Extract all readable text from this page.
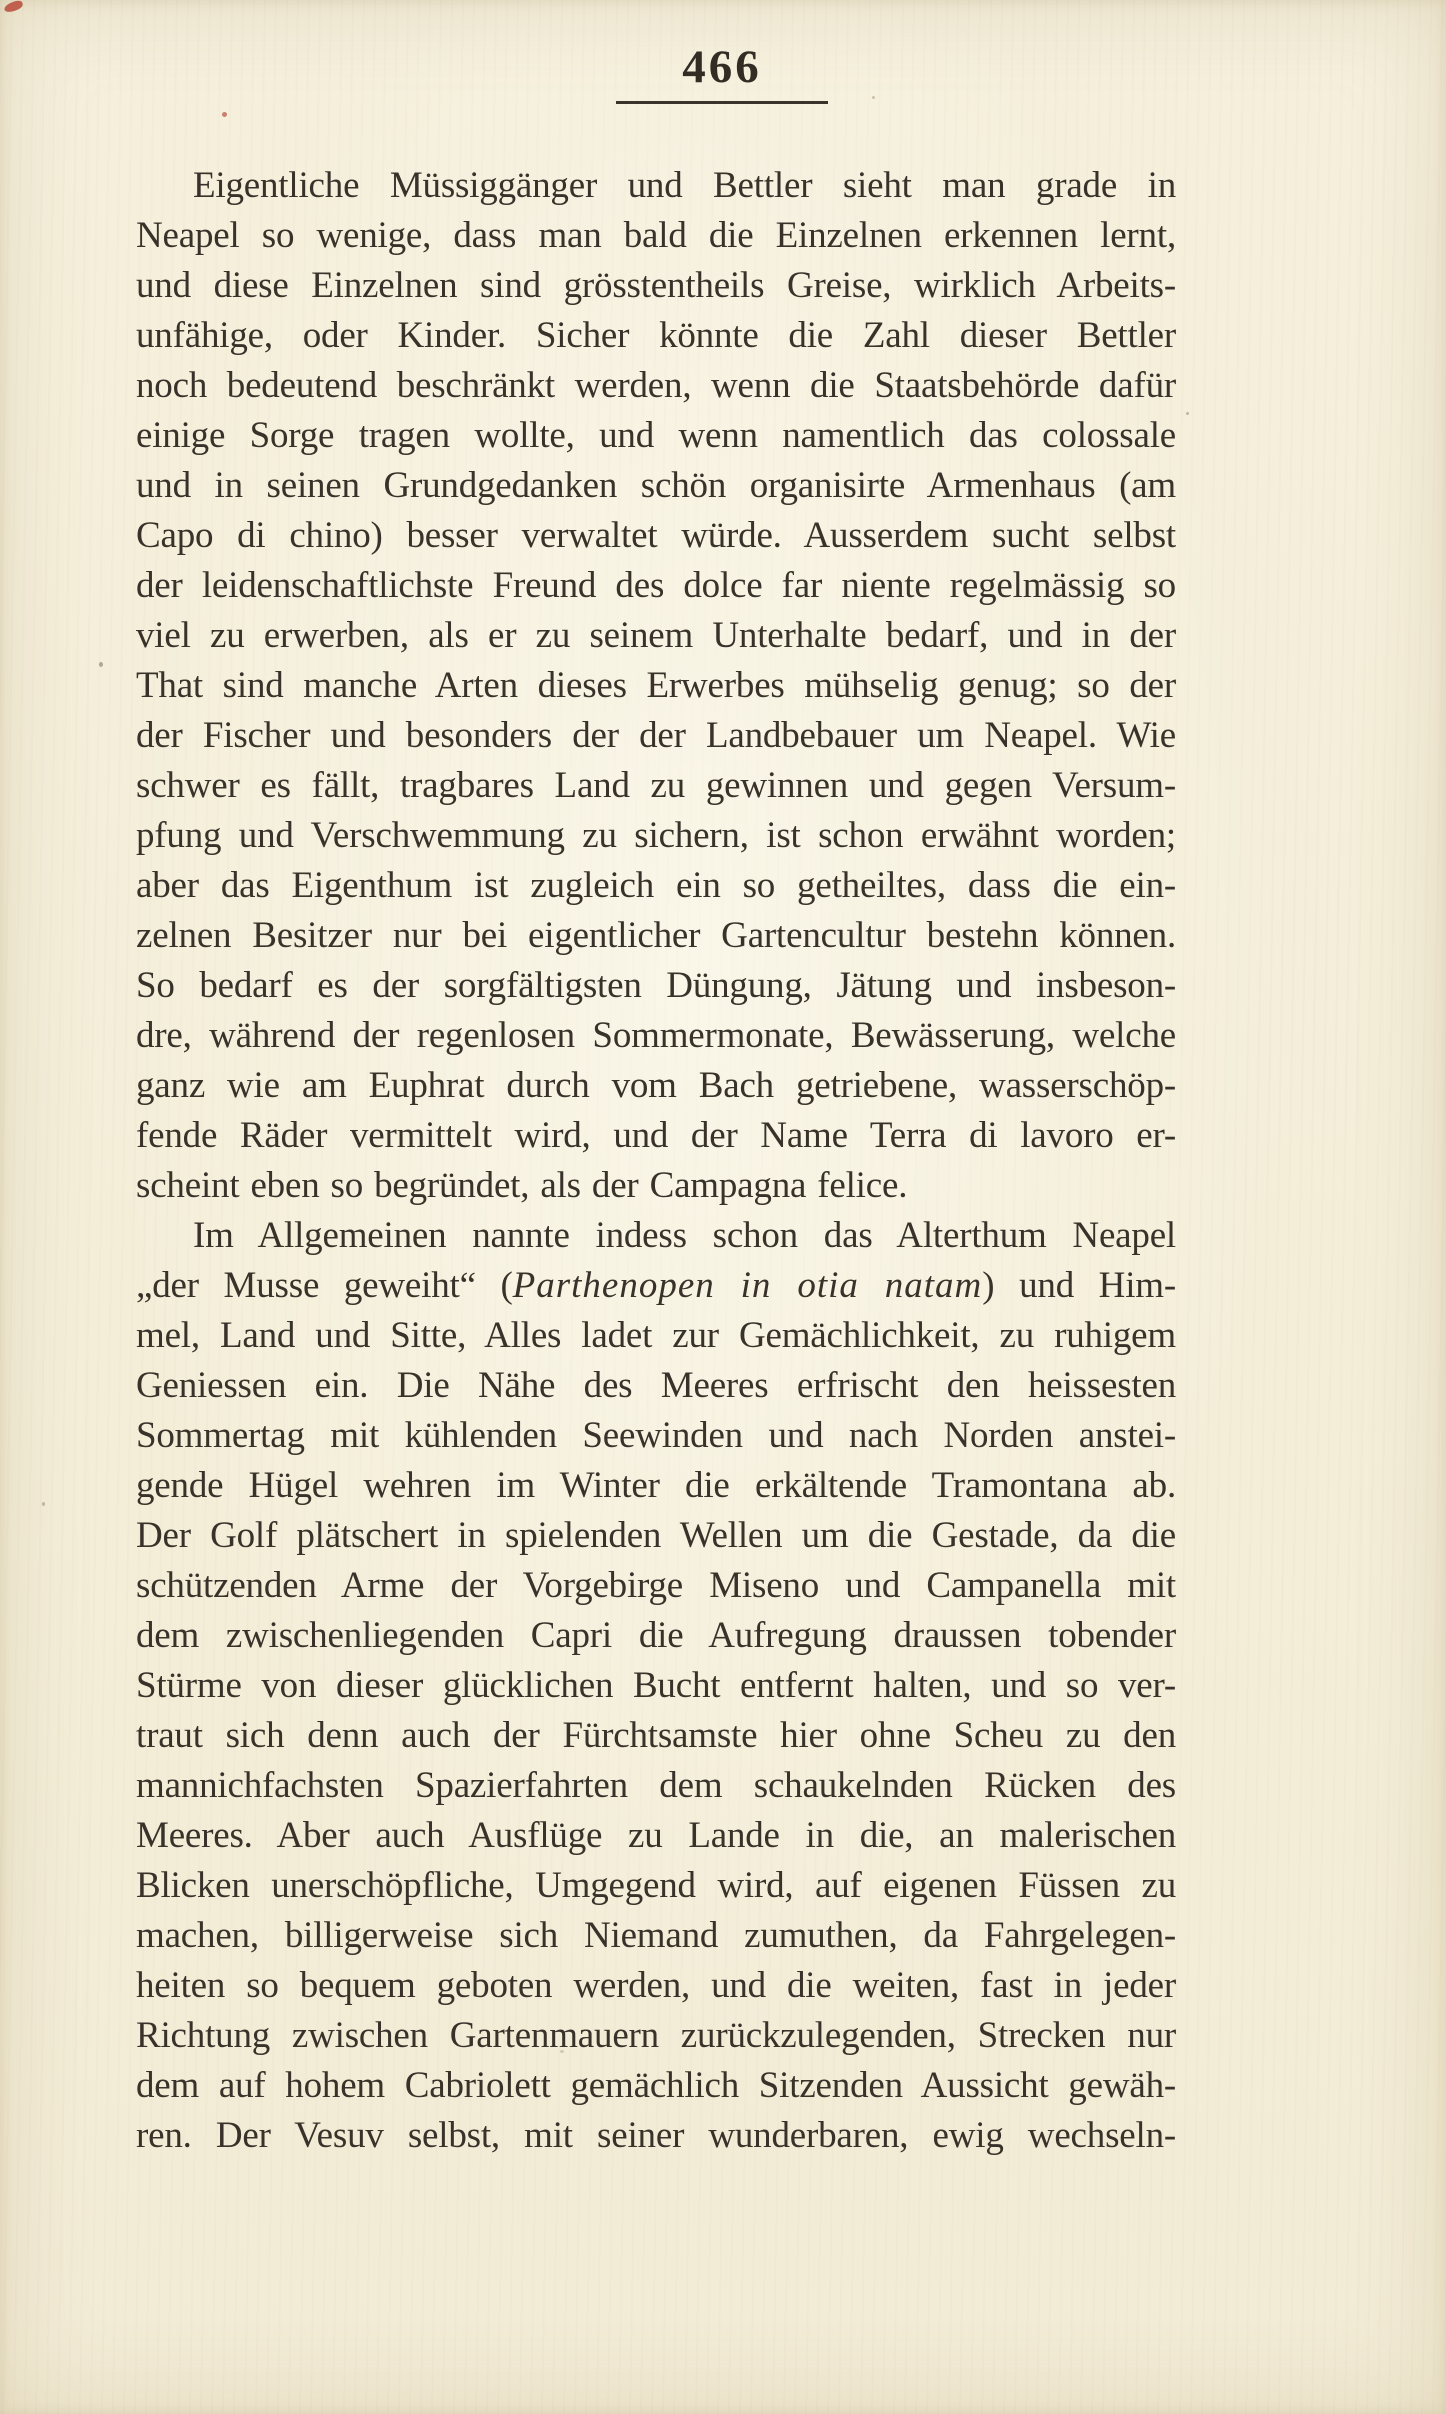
466
Eigentliche Müssiggänger und Bettler sieht man grade in
Neapel so wenige, dass man bald die Einzelnen erkennen lernt,
und diese Einzelnen sind grösstentheils Greise, wirklich Arbeits-
unfähige, oder Kinder. Sicher könnte die Zahl dieser Bettler
noch bedeutend beschränkt werden, wenn die Staatsbehörde dafür
einige Sorge tragen wollte, und wenn namentlich das colossale
und in seinen Grundgedanken schön organisirte Armenhaus (am
Capo di chino) besser verwaltet würde. Ausserdem sucht selbst
der leidenschaftlichste Freund des dolce far niente regelmässig so
viel zu erwerben, als er zu seinem Unterhalte bedarf, und in der
That sind manche Arten dieses Erwerbes mühselig genug; so der
der Fischer und besonders der der Landbebauer um Neapel. Wie
schwer es fällt, tragbares Land zu gewinnen und gegen Versum-
pfung und Verschwemmung zu sichern, ist schon erwähnt worden;
aber das Eigenthum ist zugleich ein so getheiltes, dass die ein-
zelnen Besitzer nur bei eigentlicher Gartencultur bestehn können.
So bedarf es der sorgfältigsten Düngung, Jätung und insbeson-
dre, während der regenlosen Sommermonate, Bewässerung, welche
ganz wie am Euphrat durch vom Bach getriebene, wasserschöp-
fende Räder vermittelt wird, und der Name Terra di lavoro er-
scheint eben so begründet, als der Campagna felice.
Im Allgemeinen nannte indess schon das Alterthum Neapel
„der Musse geweiht“ (Parthenopen in otia natam) und Him-
mel, Land und Sitte, Alles ladet zur Gemächlichkeit, zu ruhigem
Geniessen ein. Die Nähe des Meeres erfrischt den heissesten
Sommertag mit kühlenden Seewinden und nach Norden anstei-
gende Hügel wehren im Winter die erkältende Tramontana ab.
Der Golf plätschert in spielenden Wellen um die Gestade, da die
schützenden Arme der Vorgebirge Miseno und Campanella mit
dem zwischenliegenden Capri die Aufregung draussen tobender
Stürme von dieser glücklichen Bucht entfernt halten, und so ver-
traut sich denn auch der Fürchtsamste hier ohne Scheu zu den
mannichfachsten Spazierfahrten dem schaukelnden Rücken des
Meeres. Aber auch Ausflüge zu Lande in die, an malerischen
Blicken unerschöpfliche, Umgegend wird, auf eigenen Füssen zu
machen, billigerweise sich Niemand zumuthen, da Fahrgelegen-
heiten so bequem geboten werden, und die weiten, fast in jeder
Richtung zwischen Gartenmauern zurückzulegenden, Strecken nur
dem auf hohem Cabriolett gemächlich Sitzenden Aussicht gewäh-
ren. Der Vesuv selbst, mit seiner wunderbaren, ewig wechseln-
